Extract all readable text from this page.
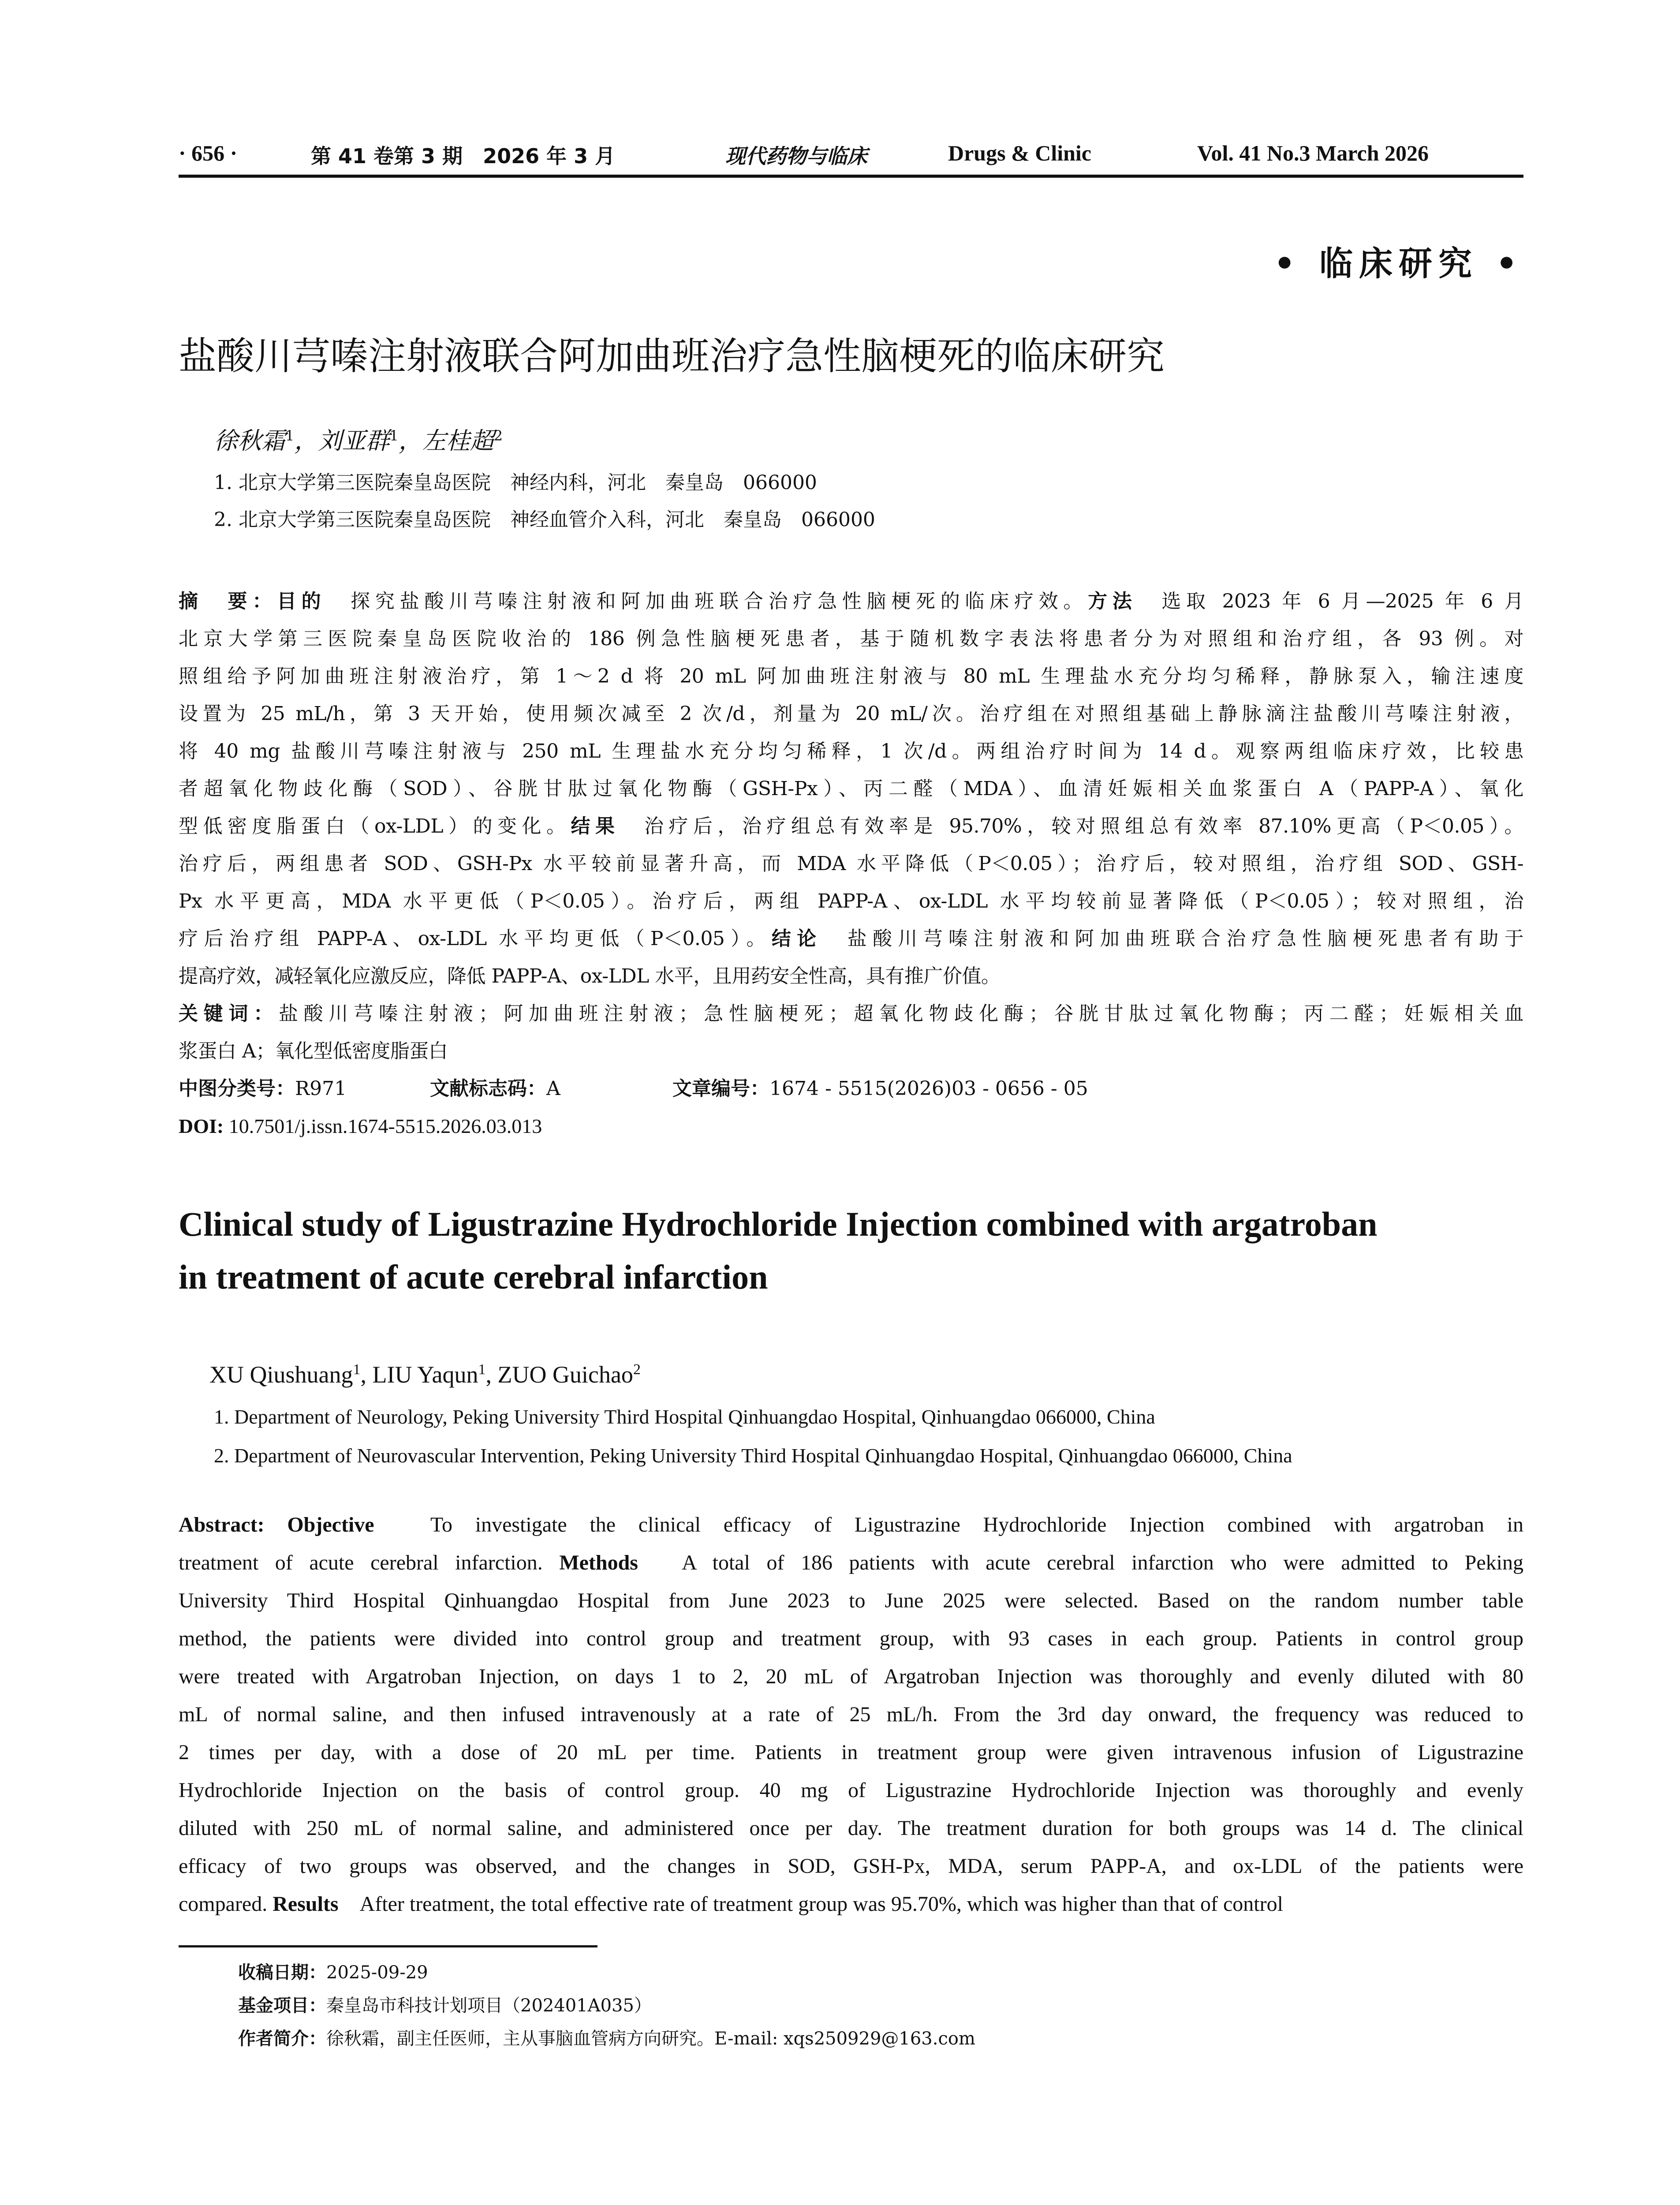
· 656 ·	第 41 卷第 3 期　2026 年 3 月	现代药物与临床	Drugs & Clinic	Vol. 41 No.3 March 2026
• 临床研究 •
盐酸川芎嗪注射液联合阿加曲班治疗急性脑梗死的临床研究
徐秋霜$^1$，刘亚群$^1$，左桂超$^2$
1. 北京大学第三医院秦皇岛医院　神经内科，河北　秦皇岛　066000
2. 北京大学第三医院秦皇岛医院　神经血管介入科，河北　秦皇岛　066000
摘　要：目的　探究盐酸川芎嗪注射液和阿加曲班联合治疗急性脑梗死的临床疗效。方法　选取 2023 年 6 月—2025 年 6 月
北京大学第三医院秦皇岛医院收治的 186 例急性脑梗死患者，基于随机数字表法将患者分为对照组和治疗组，各 93 例。对
照组给予阿加曲班注射液治疗，第 1～2 d 将 20 mL 阿加曲班注射液与 80 mL 生理盐水充分均匀稀释，静脉泵入，输注速度
设置为 25 mL/h，第 3 天开始，使用频次减至 2 次/d，剂量为 20 mL/次。治疗组在对照组基础上静脉滴注盐酸川芎嗪注射液，
将 40 mg 盐酸川芎嗪注射液与 250 mL 生理盐水充分均匀稀释，1 次/d。两组治疗时间为 14 d。观察两组临床疗效，比较患
者超氧化物歧化酶（SOD）、谷胱甘肽过氧化物酶（GSH-Px）、丙二醛（MDA）、血清妊娠相关血浆蛋白 A（PAPP-A）、氧化
型低密度脂蛋白（ox-LDL）的变化。结果　治疗后，治疗组总有效率是 95.70%，较对照组总有效率 87.10%更高（P＜0.05）。
治疗后，两组患者 SOD、GSH-Px 水平较前显著升高，而 MDA 水平降低（P＜0.05）；治疗后，较对照组，治疗组 SOD、GSH-
Px 水平更高，MDA 水平更低（P＜0.05）。治疗后，两组 PAPP-A、ox-LDL 水平均较前显著降低（P＜0.05）；较对照组，治
疗后治疗组 PAPP-A、ox-LDL 水平均更低（P＜0.05）。结论　盐酸川芎嗪注射液和阿加曲班联合治疗急性脑梗死患者有助于
提高疗效，减轻氧化应激反应，降低 PAPP-A、ox-LDL 水平，且用药安全性高，具有推广价值。
关键词：盐酸川芎嗪注射液；阿加曲班注射液；急性脑梗死；超氧化物歧化酶；谷胱甘肽过氧化物酶；丙二醛；妊娠相关血
浆蛋白 A；氧化型低密度脂蛋白
中图分类号：R971	文献标志码：A	文章编号：1674 - 5515(2026)03 - 0656 - 05
DOI: 10.7501/j.issn.1674-5515.2026.03.013
Clinical study of Ligustrazine Hydrochloride Injection combined with argatroban
in treatment of acute cerebral infarction
XU Qiushuang$^1$, LIU Yaqun$^1$, ZUO Guichao$^2$
1. Department of Neurology, Peking University Third Hospital Qinhuangdao Hospital, Qinhuangdao 066000, China
2. Department of Neurovascular Intervention, Peking University Third Hospital Qinhuangdao Hospital, Qinhuangdao 066000, China
Abstract: Objective　To investigate the clinical efficacy of Ligustrazine Hydrochloride Injection combined with argatroban in
treatment of acute cerebral infarction. Methods　A total of 186 patients with acute cerebral infarction who were admitted to Peking
University Third Hospital Qinhuangdao Hospital from June 2023 to June 2025 were selected. Based on the random number table
method, the patients were divided into control group and treatment group, with 93 cases in each group. Patients in control group
were treated with Argatroban Injection, on days 1 to 2, 20 mL of Argatroban Injection was thoroughly and evenly diluted with 80
mL of normal saline, and then infused intravenously at a rate of 25 mL/h. From the 3rd day onward, the frequency was reduced to
2 times per day, with a dose of 20 mL per time. Patients in treatment group were given intravenous infusion of Ligustrazine
Hydrochloride Injection on the basis of control group. 40 mg of Ligustrazine Hydrochloride Injection was thoroughly and evenly
diluted with 250 mL of normal saline, and administered once per day. The treatment duration for both groups was 14 d. The clinical
efficacy of two groups was observed, and the changes in SOD, GSH-Px, MDA, serum PAPP-A, and ox-LDL of the patients were
compared. Results　After treatment, the total effective rate of treatment group was 95.70%, which was higher than that of control
收稿日期：2025-09-29
基金项目：秦皇岛市科技计划项目（202401A035）
作者简介：徐秋霜，副主任医师，主从事脑血管病方向研究。E-mail: xqs250929@163.com
